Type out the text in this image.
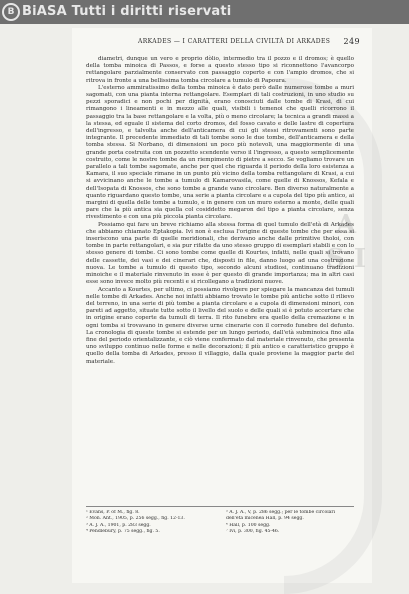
B BiASA Tutti i diritti riservati
A S I
ARKADES — I CARATTERI DELLA CIVILTÀ DI ARKADES 249

diametri, dunque un vero e proprio dòlio, intermedio tra il pozzo e il dromos; è quello della tomba minoica di Passos, e forse a questo stesso tipo si riconnettono l'avancorpo rettangolare parzialmente conservato con passaggio coperto e con l'ampio dromos, che si ritrova in fronte a una bellissima tomba circolare a tumulo di Papoura.

L'esterno ammiratissimo della tomba minoica è dato però dalle numerose tombe a muri sagomati, con una pianta interna rettangolare. Esemplari di tali costruzioni, in uno studio su pezzi sporadici e non pochi per dignità, erano conosciuti dalle tombe di Krasi, di cui rimangono i lineamenti e in mezzo alle quali, visibili i temenoi che quelli ricorrono il passaggio tra la base rettangolare e la volta, più o meno circolare; la tecnica a grandi massi a la stessa, ed eguale il sistema del corto dromos, del fosso cavato e delle lastre di copertura dell'ingresso, e talvolta anche dell'anticamera di cui gli stessi ritrovamenti sono parte integrante. Il precedente immediato di tali tombe sono le due tombe, dell'anticamera e della tomba stessa. Si Norbano, di dimensioni un poco più notevoli, una maggiormente di una grande porta costruita con un pozzetto scendente verso il l'ingresso, a questo semplicemente costruito, come le nostre tombe da un riempimento di pietre a secco. Se vogliamo trovare un parallelo a tali tombe sagomate, anche per quel che riguarda il periodo della loro esistenza a Kamara, il suo speciale rimane in un punto più vicino della tomba rettangolare di Krasi, a cui si avvicinano anche le tombe a tumulo di Kamarovasila, come quelle di Knossos, Kefala e dell'Isopata di Knossos, che sono tombe a grande vano circolare. Ben diverso naturalmente a quanto riguardano questo tombe, una serie a pianta circolare e a cupola del tipo più antico, ai margini di quella delle tombe a tumulo, e in genere con un muro esterno a monte, delle quali pare che la più antica sia quella col cosiddetto megaron del tipo a pianta circolare, senza rivestimento e con una più piccola pianta circolare.

Possiamo qui fare un breve richiamo alla stessa forma di quel tumulo dell'età di Arkades che abbiamo chiamato Eptakopia. Ivi non è esclusa l'origine di queste tombe che per essa si inseriscono una parte di quelle meridionali, che derivano anche dalle primitive tholoi, con tombe in parte rettangolari, e sia pur rifatte da uno stesso gruppo di esemplari stabili e con lo stesso genere di tombe. Ci sono tombe come quelle di Kourtes, infatti, nelle quali si trovano delle cassette, dei vasi e dei cinerari che, disposti in file, danno luogo ad una costruzione nuova. Le tombe a tumulo di questo tipo, secondo alcuni studiosi, continuano tradizioni minoiche e il materiale rinvenuto in esse è per questo di grande importanza; ma in altri casi esse sono invece molto più recenti e si ricollegano a tradizioni nuove.

Accanto a Kourtes, per ultimo, ci possiamo rivolgere per spiegare la mancanza dei tumuli nelle tombe di Arkades. Anche noi infatti abbiamo trovato le tombe più antiche sotto il rilievo del terreno, in una serie di più tombe a pianta circolare e a cupola di dimensioni minori, con pareti ad aggetto, situate tutte sotto il livello del suolo e delle quali si è potuto accertare che in origine erano coperte da tumuli di terra. Il rito funebre era quello della cremazione e in ogni tomba si trovavano in genere diverse urne cinerarie con il corredo funebre del defunto. La cronologia di queste tombe si estende per un lungo periodo, dall'età subminoica fino alla fine del periodo orientalizzante, e ciò viene confermato dal materiale rinvenuto, che presenta uno sviluppo continuo nelle forme e nelle decorazioni; il più antico e caratteristico gruppo è quello della tomba di Arkades, presso il villaggio, dalla quale proviene la maggior parte del materiale.

¹ Evans, P. of M., fig. 8.
² Mon. Ant., 1905, p. 256 segg., fig. 12-13.
³ A. J. A., 1901, p. 283 segg.
⁴ Pendlebury, p. 75 segg., fig. 5.
⁵ A. J. A., V, p. 286 segg.; per le tombe circolari
dell'età micenea Hall, p. 94 segg.
⁶ Hall, p. 100 segg.
⁷ Ivi, p. 300, fig. 45-46.
